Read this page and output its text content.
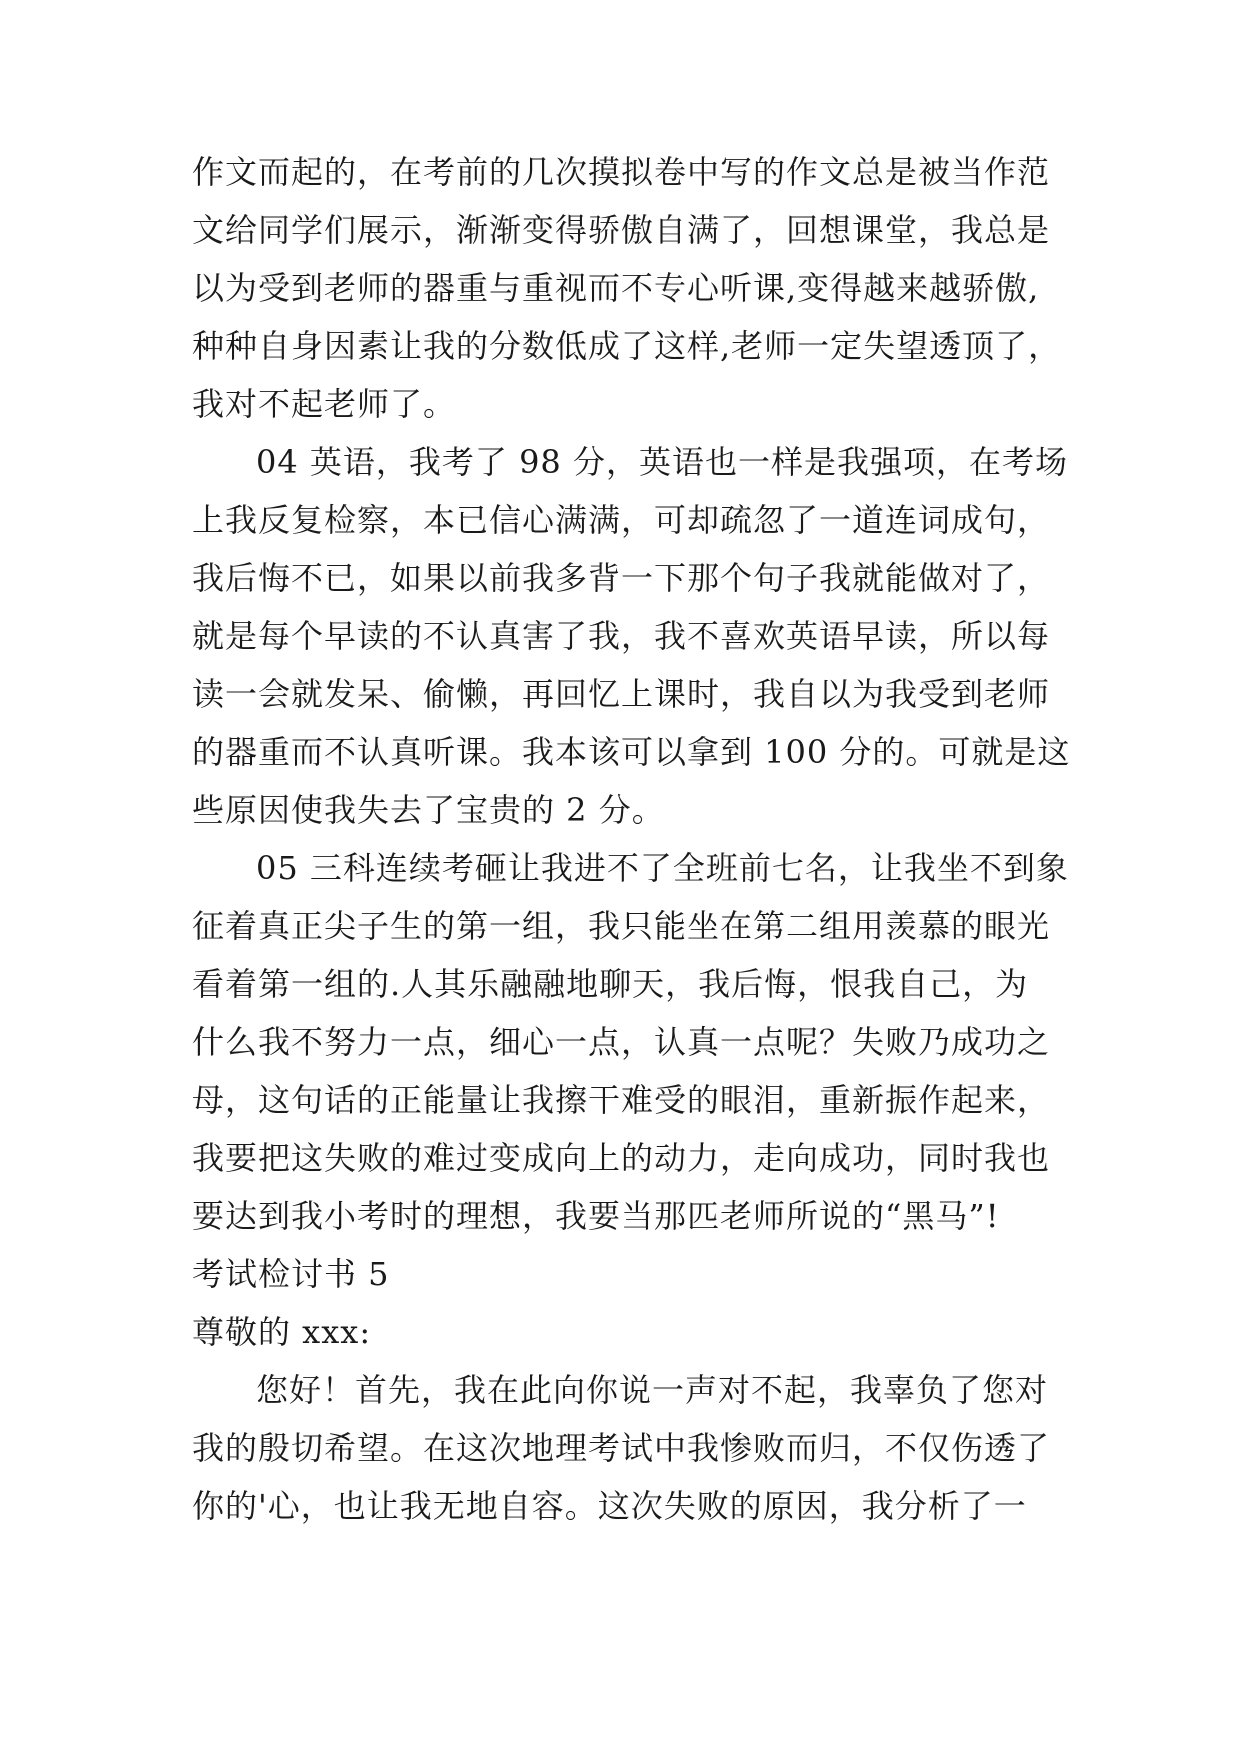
作文而起的，在考前的几次摸拟卷中写的作文总是被当作范
文给同学们展示，渐渐变得骄傲自满了，回想课堂，我总是
以为受到老师的器重与重视而不专心听课,变得越来越骄傲,
种种自身因素让我的分数低成了这样,老师一定失望透顶了，
我对不起老师了。
04 英语，我考了 98 分，英语也一样是我强项，在考场
上我反复检察，本已信心满满，可却疏忽了一道连词成句，
我后悔不已，如果以前我多背一下那个句子我就能做对了，
就是每个早读的不认真害了我，我不喜欢英语早读，所以每
读一会就发呆、偷懒，再回忆上课时，我自以为我受到老师
的器重而不认真听课。我本该可以拿到 100 分的。可就是这
些原因使我失去了宝贵的 2 分。
05 三科连续考砸让我进不了全班前七名，让我坐不到象
征着真正尖子生的第一组，我只能坐在第二组用羡慕的眼光
看着第一组的.人其乐融融地聊天，我后悔，恨我自己，为
什么我不努力一点，细心一点，认真一点呢？失败乃成功之
母，这句话的正能量让我擦干难受的眼泪，重新振作起来，
我要把这失败的难过变成向上的动力，走向成功，同时我也
要达到我小考时的理想，我要当那匹老师所说的“黑马”!
考试检讨书 5
尊敬的 xxx:
您好！首先，我在此向你说一声对不起，我辜负了您对
我的殷切希望。在这次地理考试中我惨败而归，不仅伤透了
你的'心，也让我无地自容。这次失败的原因，我分析了一
